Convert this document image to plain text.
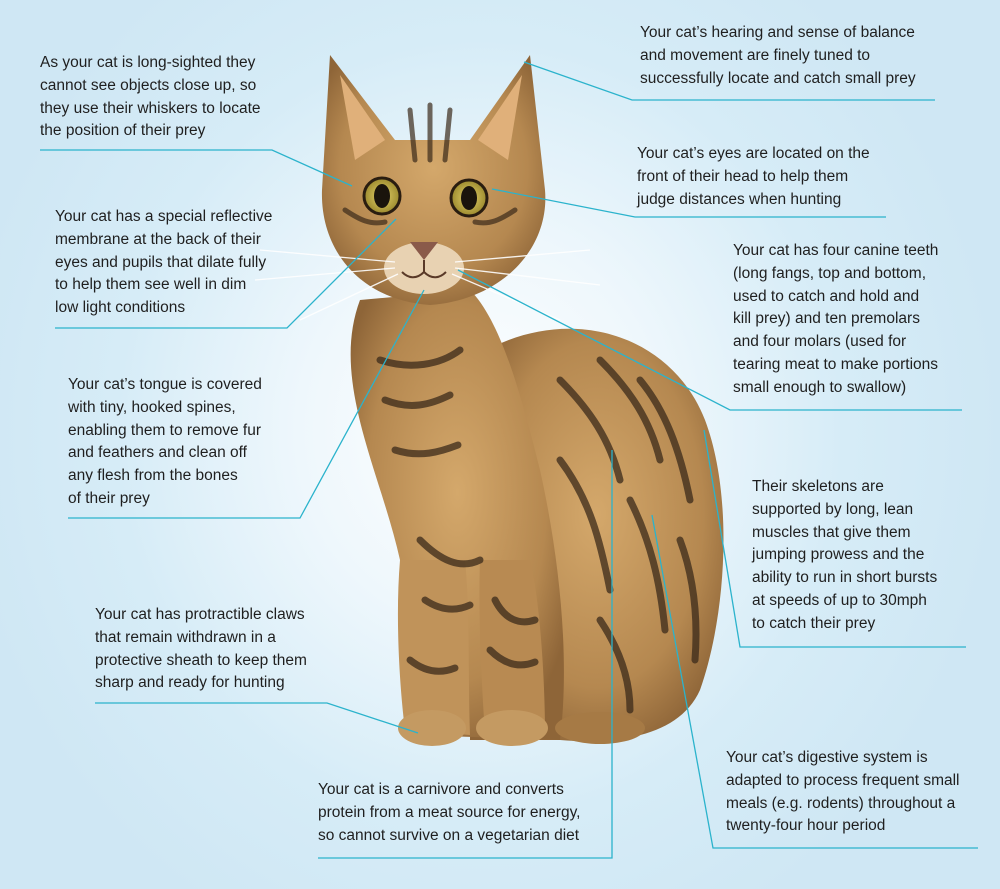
As your cat is long-sighted they
cannot see objects close up, so
they use their whiskers to locate
the position of their prey
Your cat has a special reflective
membrane at the back of their
eyes and pupils that dilate fully
to help them see well in dim
low light conditions
Your cat’s tongue is covered
with tiny, hooked spines,
enabling them to remove fur
and feathers and clean off
any flesh from the bones
of their prey
Your cat has protractible claws
that remain withdrawn in a
protective sheath to keep them
sharp and ready for hunting
Your cat is a carnivore and converts
protein from a meat source for energy,
so cannot survive on a vegetarian diet
Your cat’s hearing and sense of balance
and movement are finely tuned to
successfully locate and catch small prey
Your cat’s eyes are located on the
front of their head to help them
judge distances when hunting
Your cat has four canine teeth
(long fangs, top and bottom,
used to catch and hold and
kill prey) and ten premolars
and four molars (used for
tearing meat to make portions
small enough to swallow)
Their skeletons are
supported by long, lean
muscles that give them
jumping prowess and the
ability to run in short bursts
at speeds of up to 30mph
to catch their prey
Your cat’s digestive system is
adapted to process frequent small
meals (e.g. rodents) throughout a
twenty-four hour period
